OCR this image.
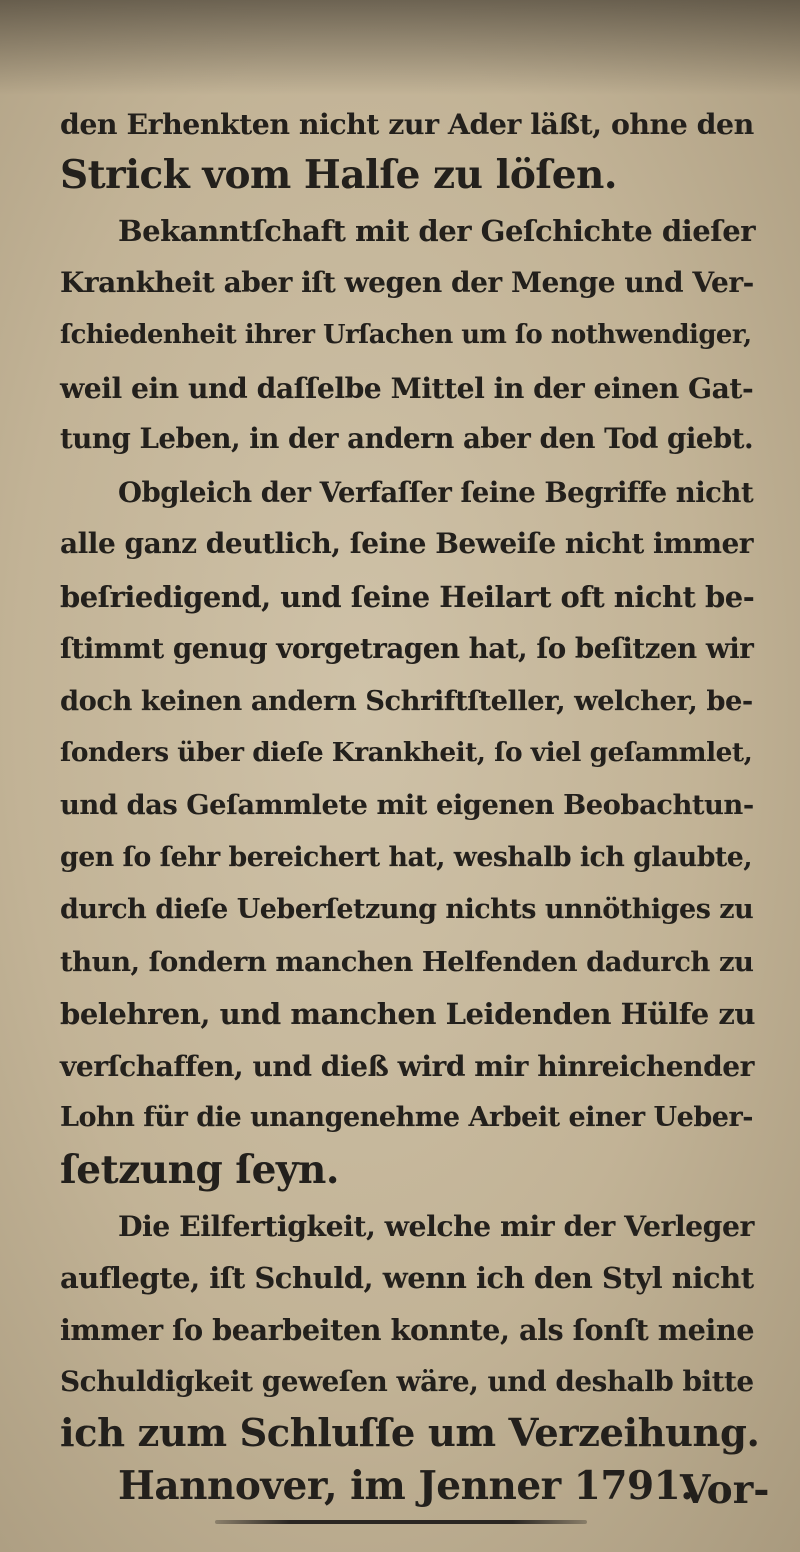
den Erhenkten nicht zur Ader läßt, ohne den
Strick vom Halſe zu löſen.
Bekanntſchaft mit der Geſchichte dieſer
Krankheit aber iſt wegen der Menge und Ver-
ſchiedenheit ihrer Urſachen um ſo nothwendiger,
weil ein und daſſelbe Mittel in der einen Gat-
tung Leben, in der andern aber den Tod giebt.
Obgleich der Verfaſſer ſeine Begriffe nicht
alle ganz deutlich, ſeine Beweiſe nicht immer
beſriedigend, und ſeine Heilart oft nicht be-
ſtimmt genug vorgetragen hat, ſo beſitzen wir
doch keinen andern Schriftſteller, welcher, be-
ſonders über dieſe Krankheit, ſo viel geſammlet,
und das Geſammlete mit eigenen Beobachtun-
gen ſo ſehr bereichert hat, weshalb ich glaubte,
durch dieſe Ueberſetzung nichts unnöthiges zu
thun, ſondern manchen Helfenden dadurch zu
belehren, und manchen Leidenden Hülfe zu
verſchaffen, und dieß wird mir hinreichender
Lohn für die unangenehme Arbeit einer Ueber-
ſetzung ſeyn.
Die Eilfertigkeit, welche mir der Verleger
auflegte, iſt Schuld, wenn ich den Styl nicht
immer ſo bearbeiten konnte, als ſonſt meine
Schuldigkeit geweſen wäre, und deshalb bitte
ich zum Schluſſe um Verzeihung.
Hannover, im Jenner 1791.
Vor-
